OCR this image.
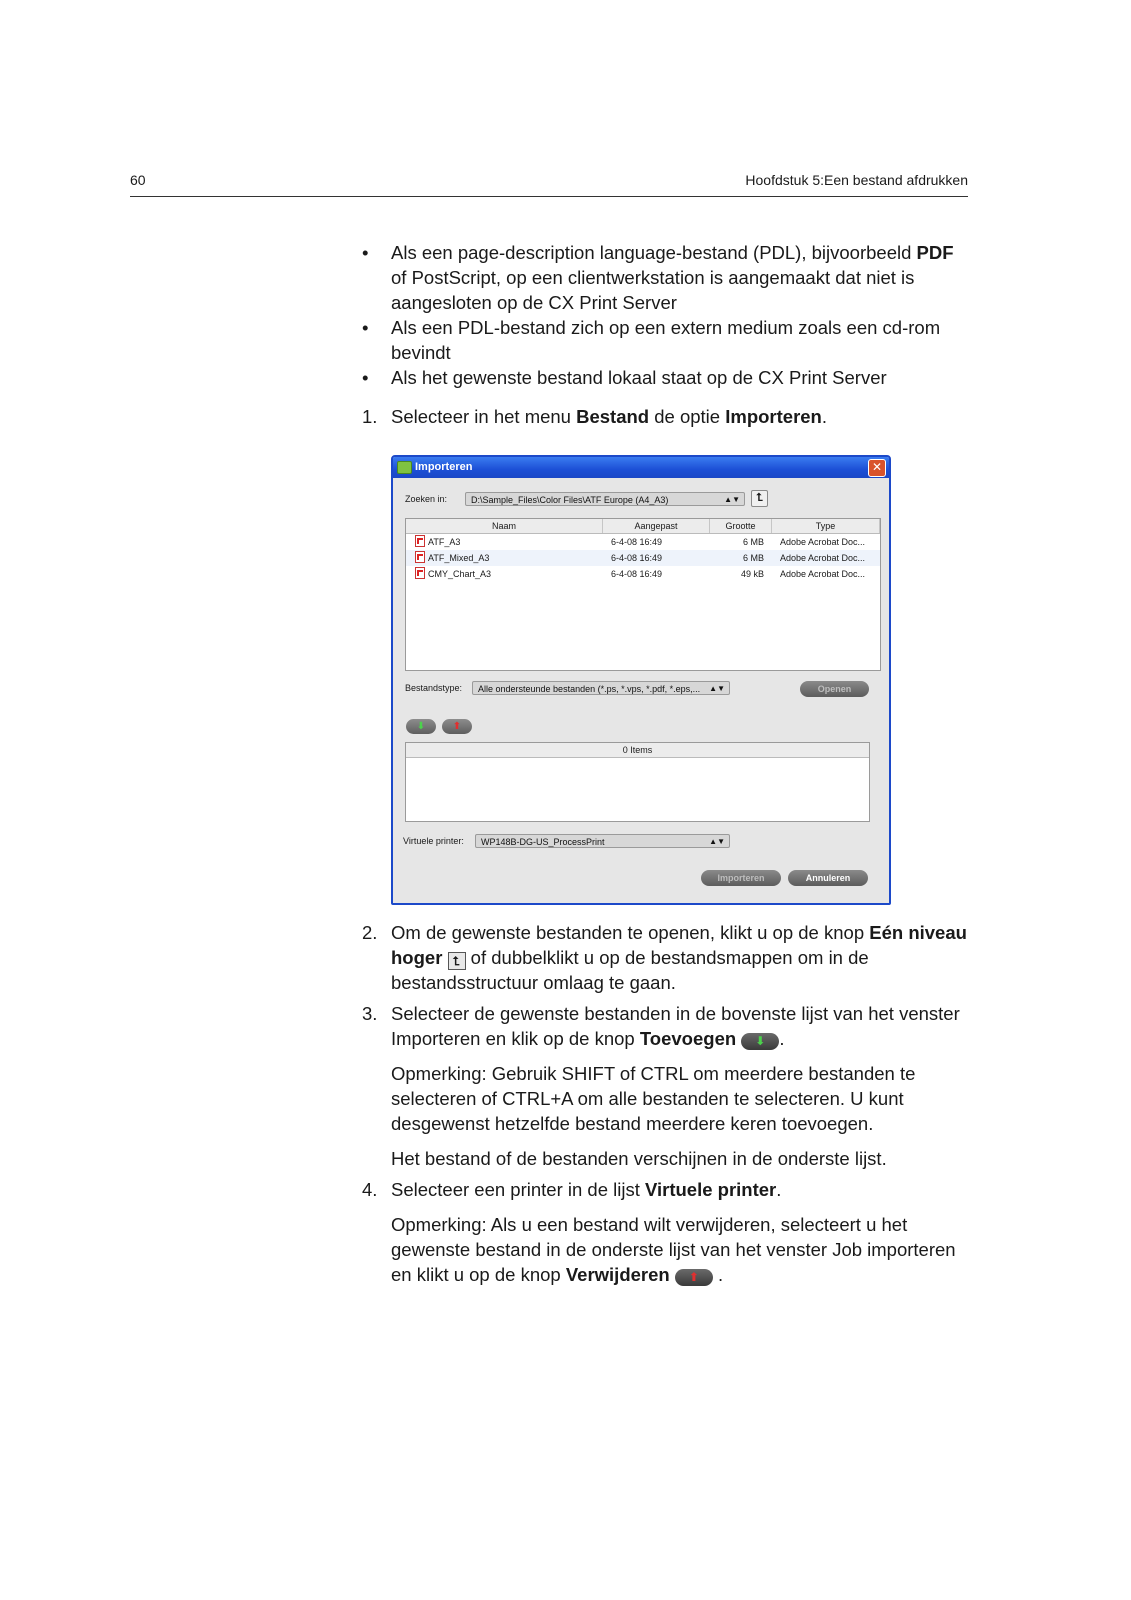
60	Hoofdstuk 5:Een bestand afdrukken

• Als een page-description language-bestand (PDL), bijvoorbeeld PDF of PostScript, op een clientwerkstation is aangemaakt dat niet is aangesloten op de CX Print Server

• Als een PDL-bestand zich op een extern medium zoals een cd-rom bevindt

• Als het gewenste bestand lokaal staat op de CX Print Server

1. Selecteer in het menu Bestand de optie Importeren.

Importeren	✕
Zoeken in:	D:\Sample_Files\Color Files\ATF Europe (A4_A3)	▲▼	⮤
Naam	Aangepast	Grootte	Type
ATF_A3	6-4-08 16:49	6 MB	Adobe Acrobat Doc...
ATF_Mixed_A3	6-4-08 16:49	6 MB	Adobe Acrobat Doc...
CMY_Chart_A3	6-4-08 16:49	49 kB	Adobe Acrobat Doc...
Bestandstype:	Alle ondersteunde bestanden (*.ps, *.vps, *.pdf, *.eps,... ▲▼	Openen
⬇	⬆
0 Items
Virtuele printer:	WP148B-DG-US_ProcessPrint	▲▼
Importeren	Annuleren

2. Om de gewenste bestanden te openen, klikt u op de knop Eén niveau hoger ⮤ of dubbelklikt u op de bestandsmappen om in de bestandsstructuur omlaag te gaan.

3. Selecteer de gewenste bestanden in de bovenste lijst van het venster Importeren en klik op de knop Toevoegen ⬇ .

Opmerking: Gebruik SHIFT of CTRL om meerdere bestanden te selecteren of CTRL+A om alle bestanden te selecteren. U kunt desgewenst hetzelfde bestand meerdere keren toevoegen.

Het bestand of de bestanden verschijnen in de onderste lijst.

4. Selecteer een printer in de lijst Virtuele printer.

Opmerking: Als u een bestand wilt verwijderen, selecteert u het gewenste bestand in de onderste lijst van het venster Job importeren en klikt u op de knop Verwijderen ⬆ .
